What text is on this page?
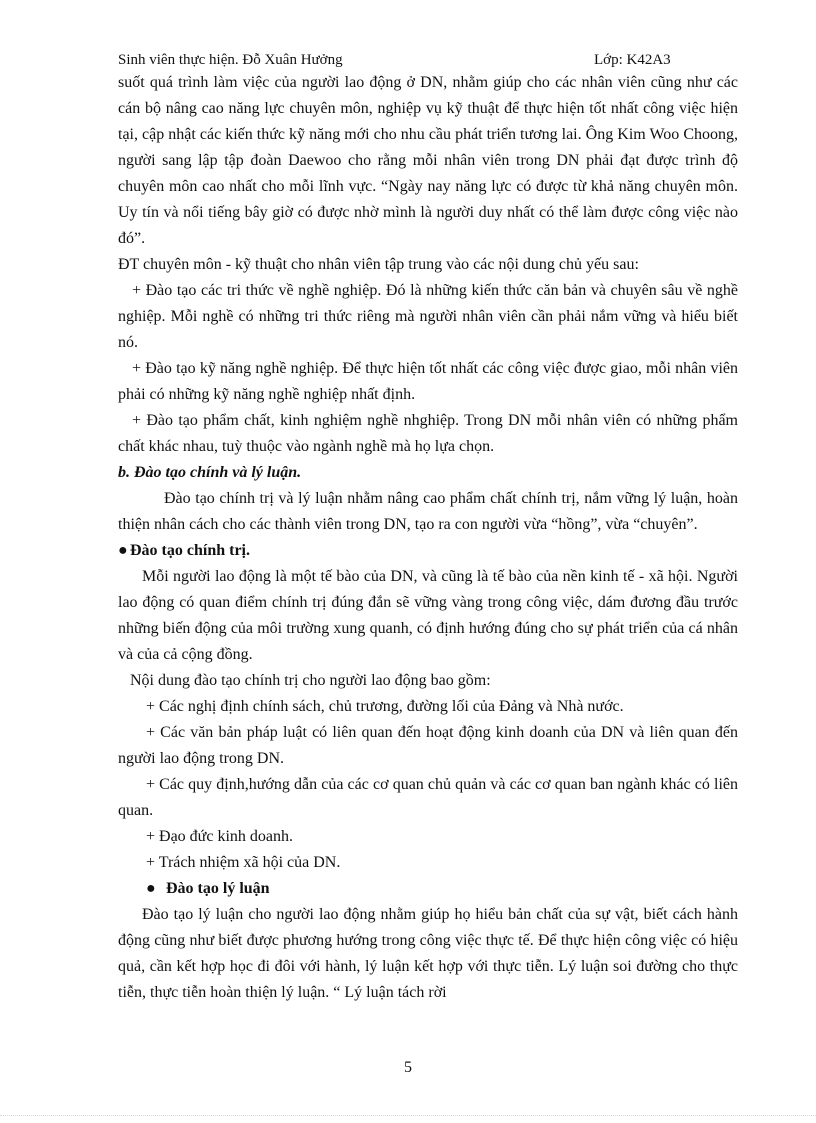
Sinh viên thực hiện. Đỗ Xuân Hưởng	Lớp: K42A3

suốt quá trình làm việc của người lao động ở DN, nhằm giúp cho các nhân viên cũng như các cán bộ nâng cao năng lực chuyên môn, nghiệp vụ kỹ thuật để thực hiện tốt nhất công việc hiện tại, cập nhật các kiến thức kỹ năng mới cho nhu cầu phát triển tương lai. Ông Kim Woo Choong, người sang lập tập đoàn Daewoo cho rằng mỗi nhân viên trong DN phải đạt được trình độ chuyên môn cao nhất cho mỗi lĩnh vực. “Ngày nay năng lực có được từ khả năng chuyên môn. Uy tín và nổi tiếng bây giờ có được nhờ mình là người duy nhất có thể làm được công việc nào đó”.

ĐT chuyên môn - kỹ thuật cho nhân viên tập trung vào các nội dung chủ yếu sau:

+ Đào tạo các tri thức về nghề nghiệp. Đó là những kiến thức căn bản và chuyên sâu về nghề nghiệp. Mỗi nghề có những tri thức riêng mà người nhân viên cần phải nắm vững và hiểu biết nó.

+ Đào tạo kỹ năng nghề nghiệp. Để thực hiện tốt nhất các công việc được giao, mỗi nhân viên phải có những kỹ năng nghề nghiệp nhất định.

+ Đào tạo phẩm chất, kinh nghiệm nghề nhghiệp. Trong DN mỗi nhân viên có những phẩm chất khác nhau, tuỳ thuộc vào ngành nghề mà họ lựa chọn.

b. Đào tạo chính và lý luận.

Đào tạo chính trị và lý luận nhằm nâng cao phẩm chất chính trị, nắm vững lý luận, hoàn thiện nhân cách cho các thành viên trong DN, tạo ra con người vừa “hồng”, vừa “chuyên”.

● Đào tạo chính trị.

Mỗi người lao động là một tế bào của DN, và cũng là tế bào của nền kinh tế - xã hội. Người lao động có quan điểm chính trị đúng đắn sẽ vững vàng trong công việc, dám đương đầu trước những biến động của môi trường xung quanh, có định hướng đúng cho sự phát triển của cá nhân và của cả cộng đồng.

Nội dung đào tạo chính trị cho người lao động bao gồm:

+ Các nghị định chính sách, chủ trương, đường lối của Đảng và Nhà nước.

+ Các văn bản pháp luật có liên quan đến hoạt động kinh doanh của DN và liên quan đến người lao động trong DN.

+ Các quy định,hướng dẫn của các cơ quan chủ quản và các cơ quan ban ngành khác có liên quan.

+ Đạo đức kinh doanh.

+ Trách nhiệm xã hội của DN.

● Đào tạo lý luận

Đào tạo lý luận cho người lao động nhằm giúp họ hiểu bản chất của sự vật, biết cách hành động cũng như biết được phương hướng trong công việc thực tế. Để thực hiện công việc có hiệu quả, cần kết hợp học đi đôi với hành, lý luận kết hợp với thực tiễn. Lý luận soi đường cho thực tiễn, thực tiễn hoàn thiện lý luận. “ Lý luận tách rời

5
